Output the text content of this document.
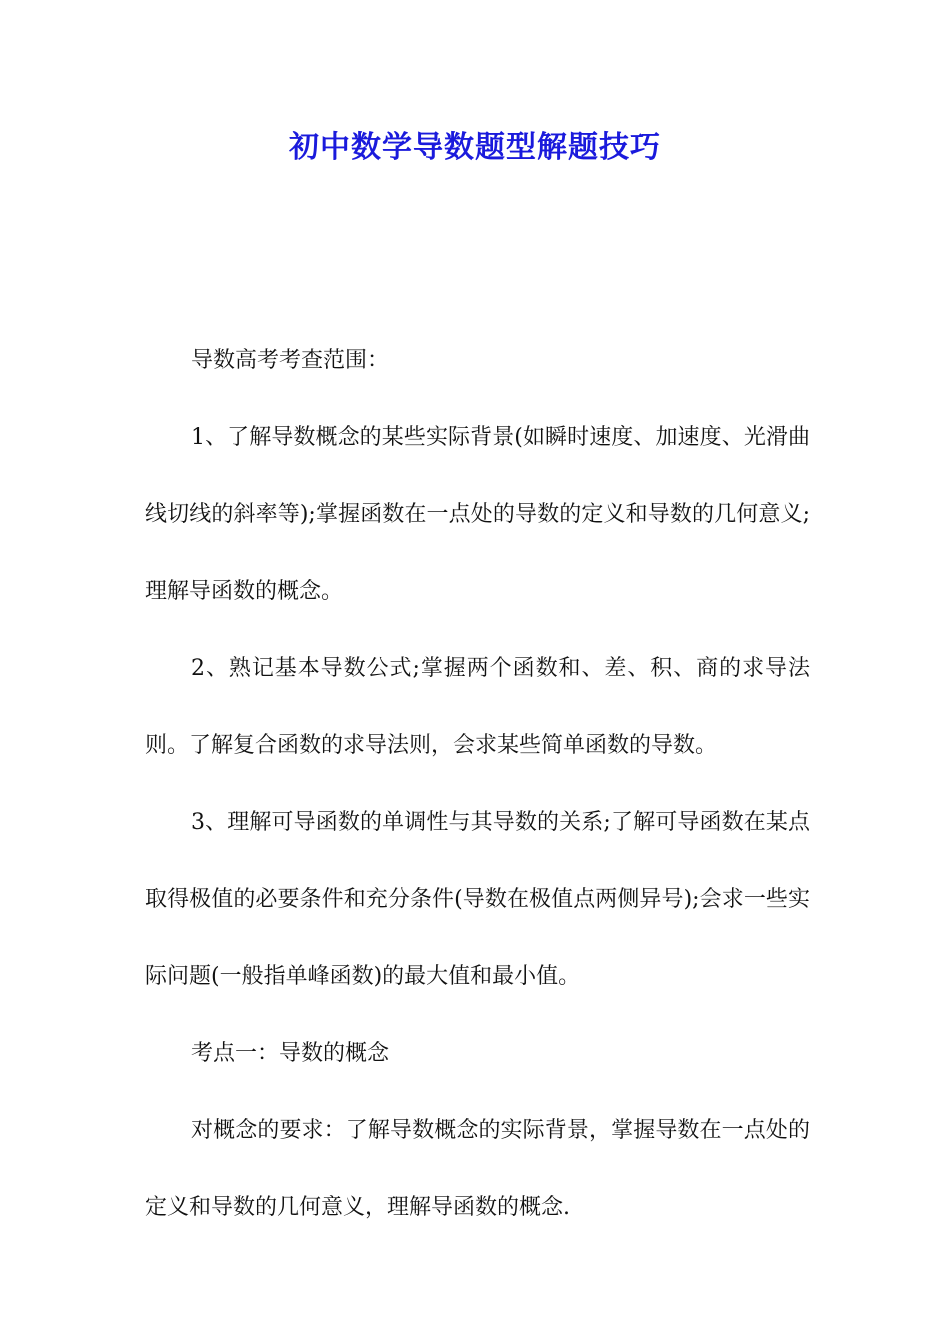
初中数学导数题型解题技巧

导数高考考查范围：

1、了解导数概念的某些实际背景(如瞬时速度、加速度、光滑曲线切线的斜率等);掌握函数在一点处的导数的定义和导数的几何意义;理解导函数的概念。

2、熟记基本导数公式;掌握两个函数和、差、积、商的求导法则。了解复合函数的求导法则，会求某些简单函数的导数。

3、理解可导函数的单调性与其导数的关系;了解可导函数在某点取得极值的必要条件和充分条件(导数在极值点两侧异号);会求一些实际问题(一般指单峰函数)的最大值和最小值。

考点一：导数的概念

对概念的要求：了解导数概念的实际背景，掌握导数在一点处的定义和导数的几何意义，理解导函数的概念.
